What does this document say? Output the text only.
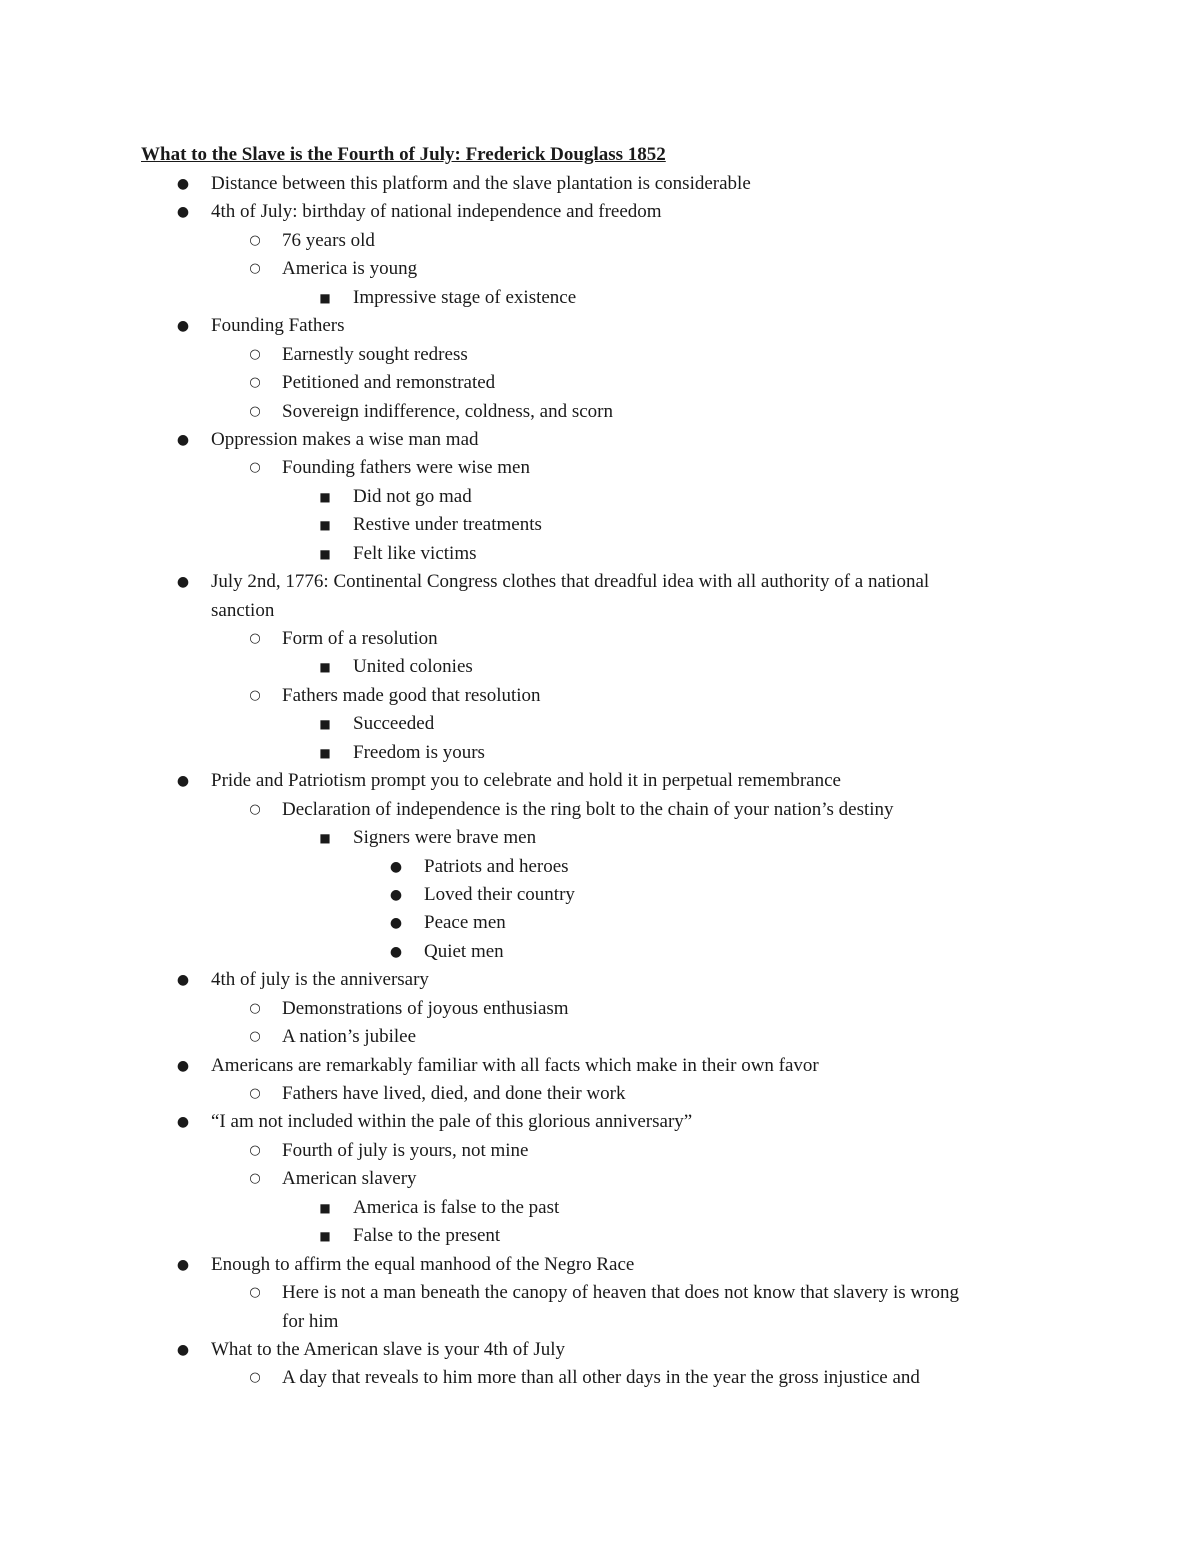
What to the Slave is the Fourth of July: Frederick Douglass 1852
● Distance between this platform and the slave plantation is considerable
● 4th of July: birthday of national independence and freedom
○ 76 years old
○ America is young
■ Impressive stage of existence
● Founding Fathers
○ Earnestly sought redress
○ Petitioned and remonstrated
○ Sovereign indifference, coldness, and scorn
● Oppression makes a wise man mad
○ Founding fathers were wise men
■ Did not go mad
■ Restive under treatments
■ Felt like victims
● July 2nd, 1776: Continental Congress clothes that dreadful idea with all authority of a national
sanction
○ Form of a resolution
■ United colonies
○ Fathers made good that resolution
■ Succeeded
■ Freedom is yours
● Pride and Patriotism prompt you to celebrate and hold it in perpetual remembrance
○ Declaration of independence is the ring bolt to the chain of your nation’s destiny
■ Signers were brave men
● Patriots and heroes
● Loved their country
● Peace men
● Quiet men
● 4th of july is the anniversary
○ Demonstrations of joyous enthusiasm
○ A nation’s jubilee
● Americans are remarkably familiar with all facts which make in their own favor
○ Fathers have lived, died, and done their work
● “I am not included within the pale of this glorious anniversary”
○ Fourth of july is yours, not mine
○ American slavery
■ America is false to the past
■ False to the present
● Enough to affirm the equal manhood of the Negro Race
○ Here is not a man beneath the canopy of heaven that does not know that slavery is wrong
for him
● What to the American slave is your 4th of July
○ A day that reveals to him more than all other days in the year the gross injustice and
